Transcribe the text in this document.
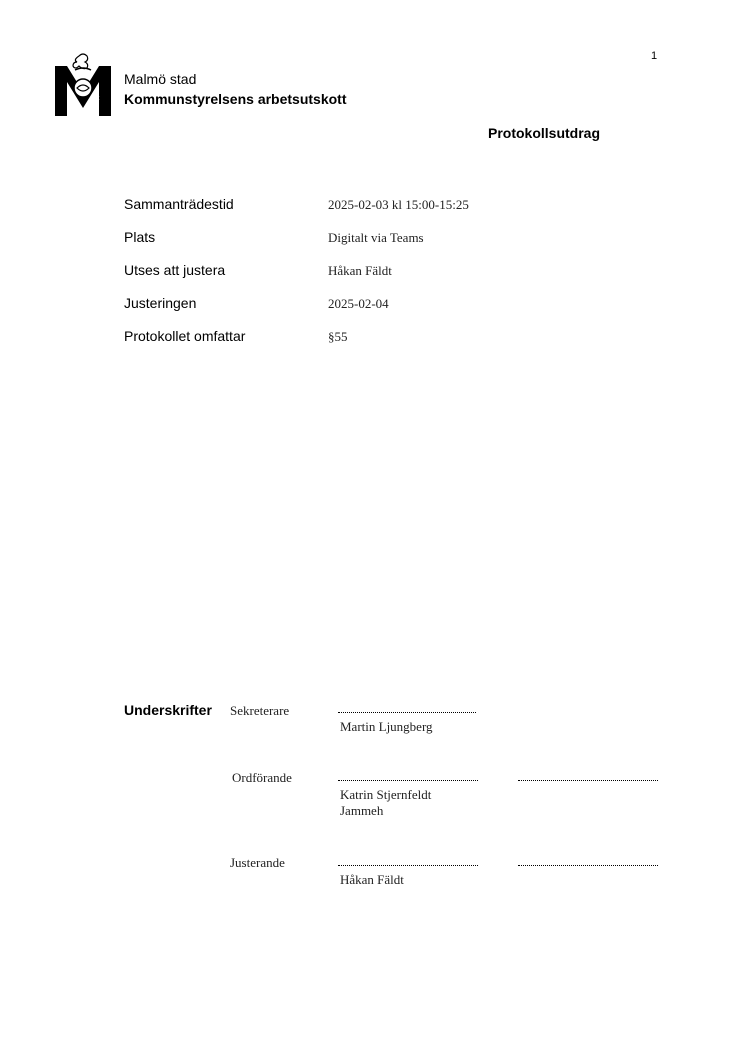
1
Malmö stad
Kommunstyrelsens arbetsutskott
Protokollsutdrag
Sammanträdestid	2025-02-03 kl 15:00-15:25
Plats	Digitalt via Teams
Utses att justera	Håkan Fäldt
Justeringen	2025-02-04
Protokollet omfattar	§55
Underskrifter Sekreterare
Martin Ljungberg
Ordförande
Katrin Stjernfeldt
Jammeh
Justerande
Håkan Fäldt
